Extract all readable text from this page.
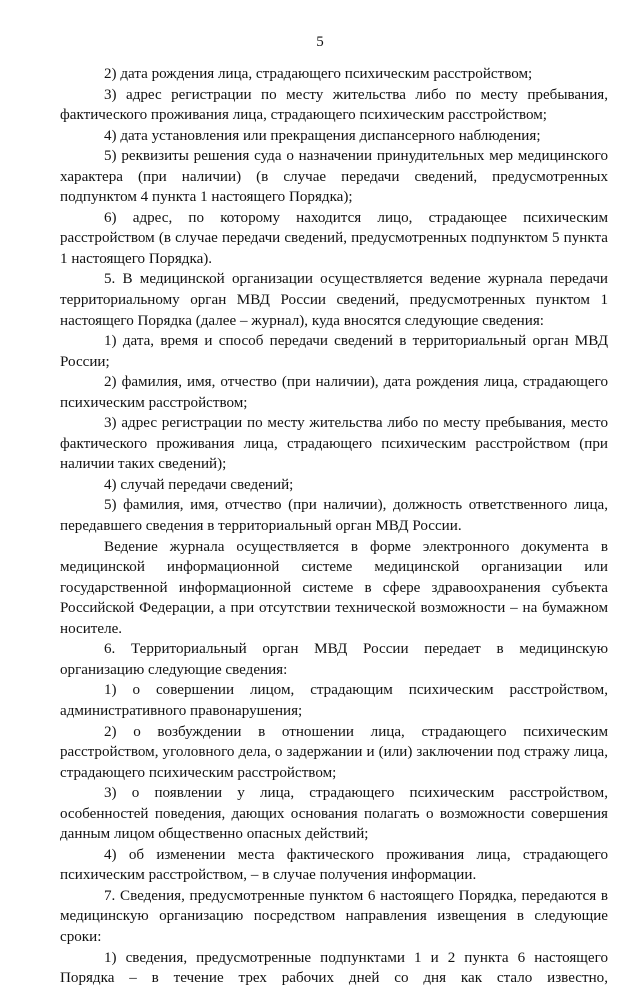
5

2) дата рождения лица, страдающего психическим расстройством;

3) адрес регистрации по месту жительства либо по месту пребывания, фактического проживания лица, страдающего психическим расстройством;

4) дата установления или прекращения диспансерного наблюдения;

5) реквизиты решения суда о назначении принудительных мер медицинского характера (при наличии) (в случае передачи сведений, предусмотренных подпунктом 4 пункта 1 настоящего Порядка);

6) адрес, по которому находится лицо, страдающее психическим расстройством (в случае передачи сведений, предусмотренных подпунктом 5 пункта 1 настоящего Порядка).

5. В медицинской организации осуществляется ведение журнала передачи территориальному орган МВД России сведений, предусмотренных пунктом 1 настоящего Порядка (далее – журнал), куда вносятся следующие сведения:

1) дата, время и способ передачи сведений в территориальный орган МВД России;

2) фамилия, имя, отчество (при наличии), дата рождения лица, страдающего психическим расстройством;

3) адрес регистрации по месту жительства либо по месту пребывания, место фактического проживания лица, страдающего психическим расстройством (при наличии таких сведений);

4) случай передачи сведений;

5) фамилия, имя, отчество (при наличии), должность ответственного лица, передавшего сведения в территориальный орган МВД России.

Ведение журнала осуществляется в форме электронного документа в медицинской информационной системе медицинской организации или государственной информационной системе в сфере здравоохранения субъекта Российской Федерации, а при отсутствии технической возможности – на бумажном носителе.

6. Территориальный орган МВД России передает в медицинскую организацию следующие сведения:

1) о совершении лицом, страдающим психическим расстройством, административного правонарушения;

2) о возбуждении в отношении лица, страдающего психическим расстройством, уголовного дела, о задержании и (или) заключении под стражу лица, страдающего психическим расстройством;

3) о появлении у лица, страдающего психическим расстройством, особенностей поведения, дающих основания полагать о возможности совершения данным лицом общественно опасных действий;

4) об изменении места фактического проживания лица, страдающего психическим расстройством, – в случае получения информации.

7. Сведения, предусмотренные пунктом 6 настоящего Порядка, передаются в медицинскую организацию посредством направления извещения в следующие сроки:

1) сведения, предусмотренные подпунктами 1 и 2 пункта 6 настоящего Порядка – в течение трех рабочих дней со дня как стало известно,
